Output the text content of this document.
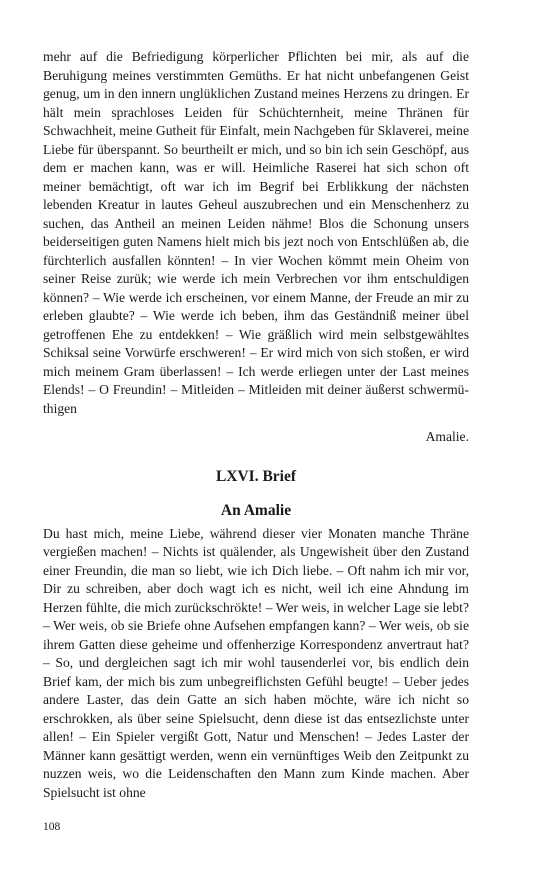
mehr auf die Befriedigung körperlicher Pflichten bei mir, als auf die Beruhigung meines verstimmten Gemüths. Er hat nicht unbefangenen Geist genug, um in den innern unglüklichen Zustand meines Herzens zu dringen. Er hält mein sprachloses Leiden für Schüchternheit, meine Thränen für Schwachheit, meine Gutheit für Einfalt, mein Nachgeben für Sklaverei, meine Liebe für überspannt. So beurtheilt er mich, und so bin ich sein Geschöpf, aus dem er machen kann, was er will. Heimliche Raserei hat sich schon oft meiner bemächtigt, oft war ich im Begrif bei Erblikkung der nächsten lebenden Kreatur in lautes Geheul auszubrechen und ein Menschenherz zu suchen, das Antheil an meinen Leiden nähme! Blos die Schonung unsers beiderseitigen guten Namens hielt mich bis jezt noch von Entschlüßen ab, die fürchterlich ausfallen könnten! – In vier Wochen kömmt mein Oheim von seiner Reise zurük; wie werde ich mein Verbrechen vor ihm entschuldigen können? – Wie werde ich erscheinen, vor einem Manne, der Freude an mir zu erleben glaubte? – Wie werde ich beben, ihm das Geständniß meiner übel getroffenen Ehe zu entdekken! – Wie gräßlich wird mein selbstgewähltes Schiksal seine Vorwürfe erschweren! – Er wird mich von sich stoßen, er wird mich meinem Gram überlassen! – Ich werde erliegen unter der Last meines Elends! – O Freundin! – Mitleiden – Mitleiden mit deiner äußerst schwermüthigen

Amalie.
LXVI. Brief
An Amalie

Du hast mich, meine Liebe, während dieser vier Monaten manche Thräne vergießen machen! – Nichts ist quälender, als Ungewisheit über den Zustand einer Freundin, die man so liebt, wie ich Dich liebe. – Oft nahm ich mir vor, Dir zu schreiben, aber doch wagt ich es nicht, weil ich eine Ahndung im Herzen fühlte, die mich zurückschrökte! – Wer weis, in welcher Lage sie lebt? – Wer weis, ob sie Briefe ohne Aufsehen empfangen kann? – Wer weis, ob sie ihrem Gatten diese geheime und offenherzige Korrespondenz anvertraut hat? – So, und dergleichen sagt ich mir wohl tausenderlei vor, bis endlich dein Brief kam, der mich bis zum unbegreiflichsten Gefühl beugte! – Ueber jedes andere Laster, das dein Gatte an sich haben möchte, wäre ich nicht so erschrokken, als über seine Spielsucht, denn diese ist das entsezlichste unter allen! – Ein Spieler vergißt Gott, Natur und Menschen! – Jedes Laster der Männer kann gesättigt werden, wenn ein vernünftiges Weib den Zeitpunkt zu nuzzen weis, wo die Leidenschaften den Mann zum Kinde machen. Aber Spielsucht ist ohne

108
